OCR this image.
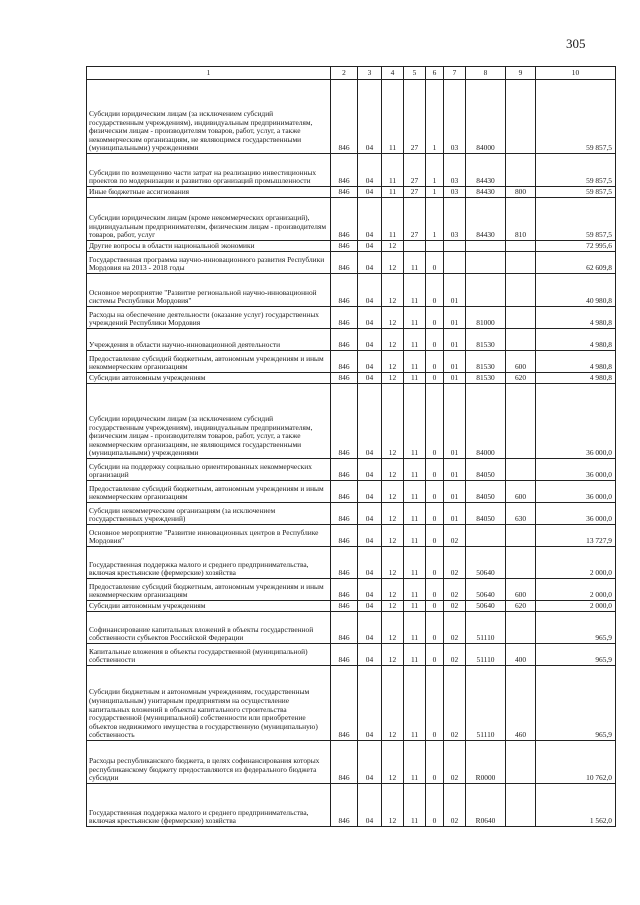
305
1	2	3	4	5	6	7	8	9	10
Субсидии юридическим лицам (за исключением субсидий государственным учреждениям), индивидуальным предпринимателям, физическим лицам - производителям товаров, работ, услуг, а также некоммерческим организациям, не являющимся государственными (муниципальными) учреждениями	846	04	11	27	1	03	84000		59 857,5
Субсидии по возмещению части затрат на реализацию инвестиционных проектов по модернизации и развитию организаций промышленности	846	04	11	27	1	03	84430		59 857,5
Иные бюджетные ассигнования	846	04	11	27	1	03	84430	800	59 857,5
Субсидии юридическим лицам (кроме некоммерческих организаций), индивидуальным предпринимателям, физическим лицам - производителям товаров, работ, услуг	846	04	11	27	1	03	84430	810	59 857,5
Другие вопросы в области национальной экономики	846	04	12						72 995,6
Государственная программа научно-инновационного развития Республики Мордовия на 2013 - 2018 годы	846	04	12	11	0				62 609,8
Основное мероприятие "Развитие региональной научно-инновационной системы Республики Мордовия"	846	04	12	11	0	01			40 980,8
Расходы на обеспечение деятельности (оказание услуг) государственных учреждений Республики Мордовия	846	04	12	11	0	01	81000		4 980,8
Учреждения в области научно-инновационной деятельности	846	04	12	11	0	01	81530		4 980,8
Предоставление субсидий бюджетным, автономным учреждениям и иным некоммерческим организациям	846	04	12	11	0	01	81530	600	4 980,8
Субсидии автономным учреждениям	846	04	12	11	0	01	81530	620	4 980,8
Субсидии юридическим лицам (за исключением субсидий государственным учреждениям), индивидуальным предпринимателям, физическим лицам - производителям товаров, работ, услуг, а также некоммерческим организациям, не являющимся государственными (муниципальными) учреждениями	846	04	12	11	0	01	84000		36 000,0
Субсидии на поддержку социально ориентированных некоммерческих организаций	846	04	12	11	0	01	84050		36 000,0
Предоставление субсидий бюджетным, автономным учреждениям и иным некоммерческим организациям	846	04	12	11	0	01	84050	600	36 000,0
Субсидии некоммерческим организациям (за исключением государственных учреждений)	846	04	12	11	0	01	84050	630	36 000,0
Основное мероприятие "Развитие инновационных центров в Республике Мордовия"	846	04	12	11	0	02			13 727,9
Государственная поддержка малого и среднего предпринимательства, включая крестьянские (фермерские) хозяйства	846	04	12	11	0	02	50640		2 000,0
Предоставление субсидий бюджетным, автономным учреждениям и иным некоммерческим организациям	846	04	12	11	0	02	50640	600	2 000,0
Субсидии автономным учреждениям	846	04	12	11	0	02	50640	620	2 000,0
Софинансирование капитальных вложений в объекты государственной собственности субъектов Российской Федерации	846	04	12	11	0	02	51110		965,9
Капитальные вложения в объекты государственной (муниципальной) собственности	846	04	12	11	0	02	51110	400	965,9
Субсидии бюджетным и автономным учреждениям, государственным (муниципальным) унитарным предприятиям на осуществление капитальных вложений в объекты капитального строительства государственной (муниципальной) собственности или приобретение объектов недвижимого имущества в государственную (муниципальную) собственность	846	04	12	11	0	02	51110	460	965,9
Расходы республиканского бюджета, в целях софинансирования которых республиканскому бюджету предоставляются из федерального бюджета субсидии	846	04	12	11	0	02	R0000		10 762,0
Государственная поддержка малого и среднего предпринимательства, включая крестьянские (фермерские) хозяйства	846	04	12	11	0	02	R0640		1 562,0
